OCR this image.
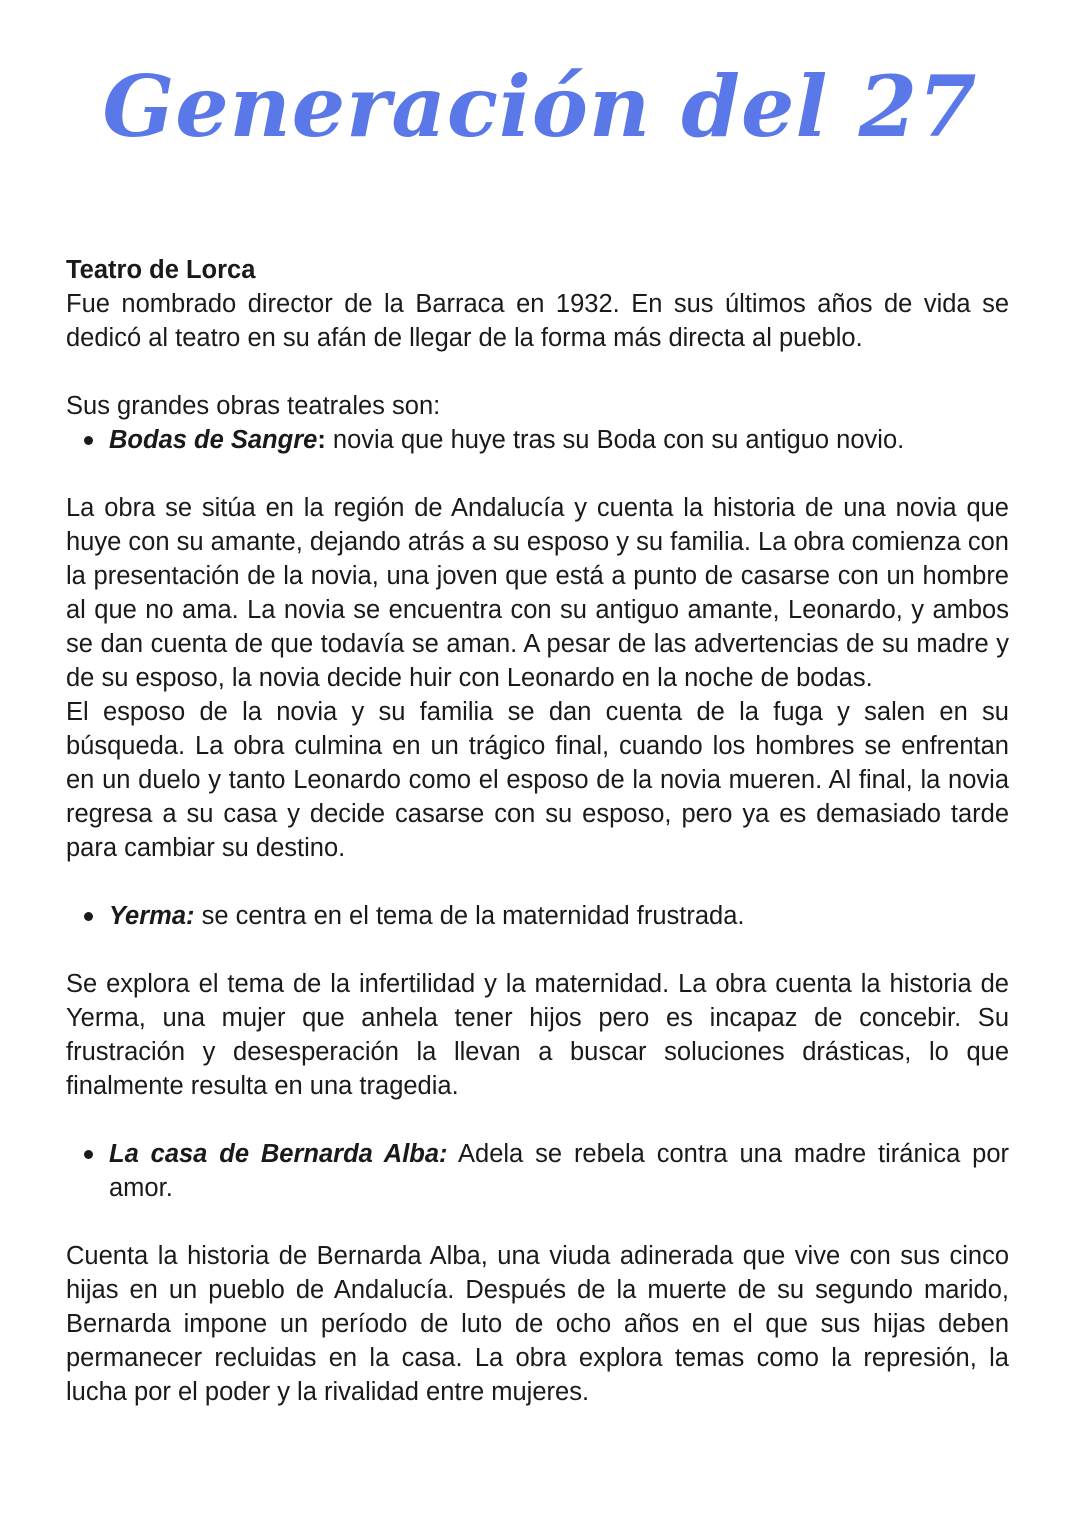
Generación del 27

Teatro de Lorca

Fue nombrado director de la Barraca en 1932. En sus últimos años de vida se dedicó al teatro en su afán de llegar de la forma más directa al pueblo.

Sus grandes obras teatrales son:

Bodas de Sangre: novia que huye tras su Boda con su antiguo novio.

La obra se sitúa en la región de Andalucía y cuenta la historia de una novia que huye con su amante, dejando atrás a su esposo y su familia. La obra comienza con la presentación de la novia, una joven que está a punto de casarse con un hombre al que no ama. La novia se encuentra con su antiguo amante, Leonardo, y ambos se dan cuenta de que todavía se aman. A pesar de las advertencias de su madre y de su esposo, la novia decide huir con Leonardo en la noche de bodas.

El esposo de la novia y su familia se dan cuenta de la fuga y salen en su búsqueda. La obra culmina en un trágico final, cuando los hombres se enfrentan en un duelo y tanto Leonardo como el esposo de la novia mueren. Al final, la novia regresa a su casa y decide casarse con su esposo, pero ya es demasiado tarde para cambiar su destino.

Yerma: se centra en el tema de la maternidad frustrada.

Se explora el tema de la infertilidad y la maternidad. La obra cuenta la historia de Yerma, una mujer que anhela tener hijos pero es incapaz de concebir. Su frustración y desesperación la llevan a buscar soluciones drásticas, lo que finalmente resulta en una tragedia.

La casa de Bernarda Alba: Adela se rebela contra una madre tiránica por amor.

Cuenta la historia de Bernarda Alba, una viuda adinerada que vive con sus cinco hijas en un pueblo de Andalucía. Después de la muerte de su segundo marido, Bernarda impone un período de luto de ocho años en el que sus hijas deben permanecer recluidas en la casa. La obra explora temas como la represión, la lucha por el poder y la rivalidad entre mujeres.
